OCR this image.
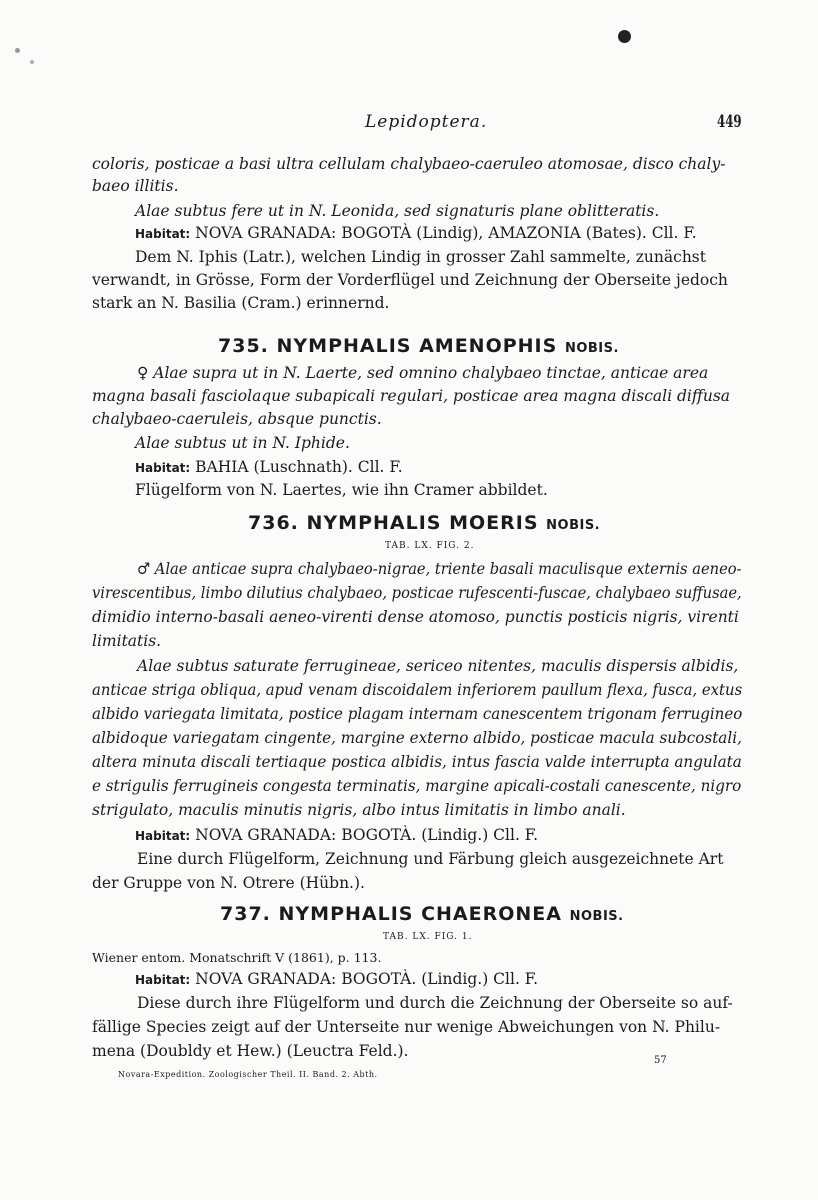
Lepidoptera.	449
coloris, posticae a basi ultra cellulam chalybaeo-caeruleo atomosae, disco chaly-
baeo illitis.
Alae subtus fere ut in N. Leonida, sed signaturis plane oblitteratis.
Habitat: NOVA GRANADA: BOGOTÀ (Lindig), AMAZONIA (Bates). Cll. F.
Dem N. Iphis (Latr.), welchen Lindig in grosser Zahl sammelte, zunächst
verwandt, in Grösse, Form der Vorderflügel und Zeichnung der Oberseite jedoch
stark an N. Basilia (Cram.) erinnernd.
735. NYMPHALIS AMENOPHIS NOBIS.
♀ Alae supra ut in N. Laerte, sed omnino chalybaeo tinctae, anticae area
magna basali fasciolaque subapicali regulari, posticae area magna discali diffusa
chalybaeo-caeruleis, absque punctis.
Alae subtus ut in N. Iphide.
Habitat: BAHIA (Luschnath). Cll. F.
Flügelform von N. Laertes, wie ihn Cramer abbildet.
736. NYMPHALIS MOERIS NOBIS.
TAB. LX. FIG. 2.
♂ Alae anticae supra chalybaeo-nigrae, triente basali maculisque externis aeneo-
virescentibus, limbo dilutius chalybaeo, posticae rufescenti-fuscae, chalybaeo suffusae,
dimidio interno-basali aeneo-virenti dense atomoso, punctis posticis nigris, virenti
limitatis.
Alae subtus saturate ferrugineae, sericeo nitentes, maculis dispersis albidis,
anticae striga obliqua, apud venam discoidalem inferiorem paullum flexa, fusca, extus
albido variegata limitata, postice plagam internam canescentem trigonam ferrugineo
albidoque variegatam cingente, margine externo albido, posticae macula subcostali,
altera minuta discali tertiaque postica albidis, intus fascia valde interrupta angulata
e strigulis ferrugineis congesta terminatis, margine apicali-costali canescente, nigro
strigulato, maculis minutis nigris, albo intus limitatis in limbo anali.
Habitat: NOVA GRANADA: BOGOTÀ. (Lindig.) Cll. F.
Eine durch Flügelform, Zeichnung und Färbung gleich ausgezeichnete Art
der Gruppe von N. Otrere (Hübn.).
737. NYMPHALIS CHAERONEA NOBIS.
TAB. LX. FIG. 1.
Wiener entom. Monatschrift V (1861), p. 113.
Habitat: NOVA GRANADA: BOGOTÀ. (Lindig.) Cll. F.
Diese durch ihre Flügelform und durch die Zeichnung der Oberseite so auf-
fällige Species zeigt auf der Unterseite nur wenige Abweichungen von N. Philu-
mena (Doubldy et Hew.) (Leuctra Feld.).
Novara-Expedition. Zoologischer Theil. II. Band. 2. Abth.
57
